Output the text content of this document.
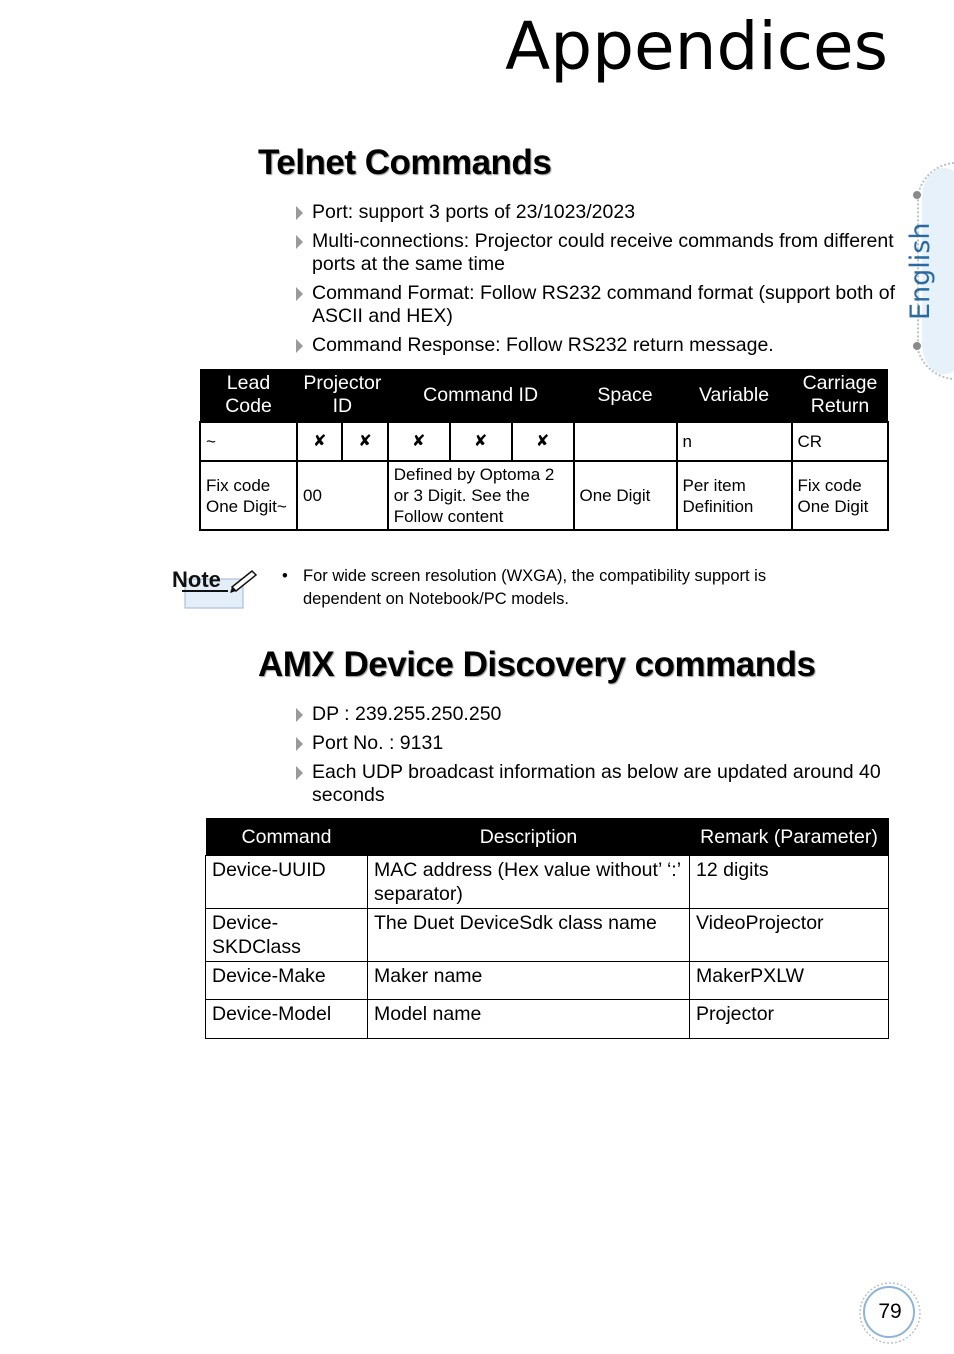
Appendices
English
Telnet Commands
Port: support 3 ports of 23/1023/2023
Multi-connections: Projector could receive commands from different ports at the same time
Command Format: Follow RS232 command format (support both of ASCII and HEX)
Command Response: Follow RS232 return message.
Lead Code	Projector ID		Command ID			Space	Variable	Carriage Return
~	✘	✘	✘	✘	✘		n	CR
Fix code One Digit~	00		Defined by Optoma 2 or 3 Digit. See the Follow content			One Digit	Per item Definition	Fix code One Digit
Note	• For wide screen resolution (WXGA), the compatibility support is dependent on Notebook/PC models.
AMX Device Discovery commands
DP : 239.255.250.250
Port No. : 9131
Each UDP broadcast information as below are updated around 40 seconds
Command	Description	Remark (Parameter)
Device-UUID	MAC address (Hex value without’ ‘:’ separator)	12 digits
Device-SKDClass	The Duet DeviceSdk class name	VideoProjector
Device-Make	Maker name	MakerPXLW
Device-Model	Model name	Projector
79
